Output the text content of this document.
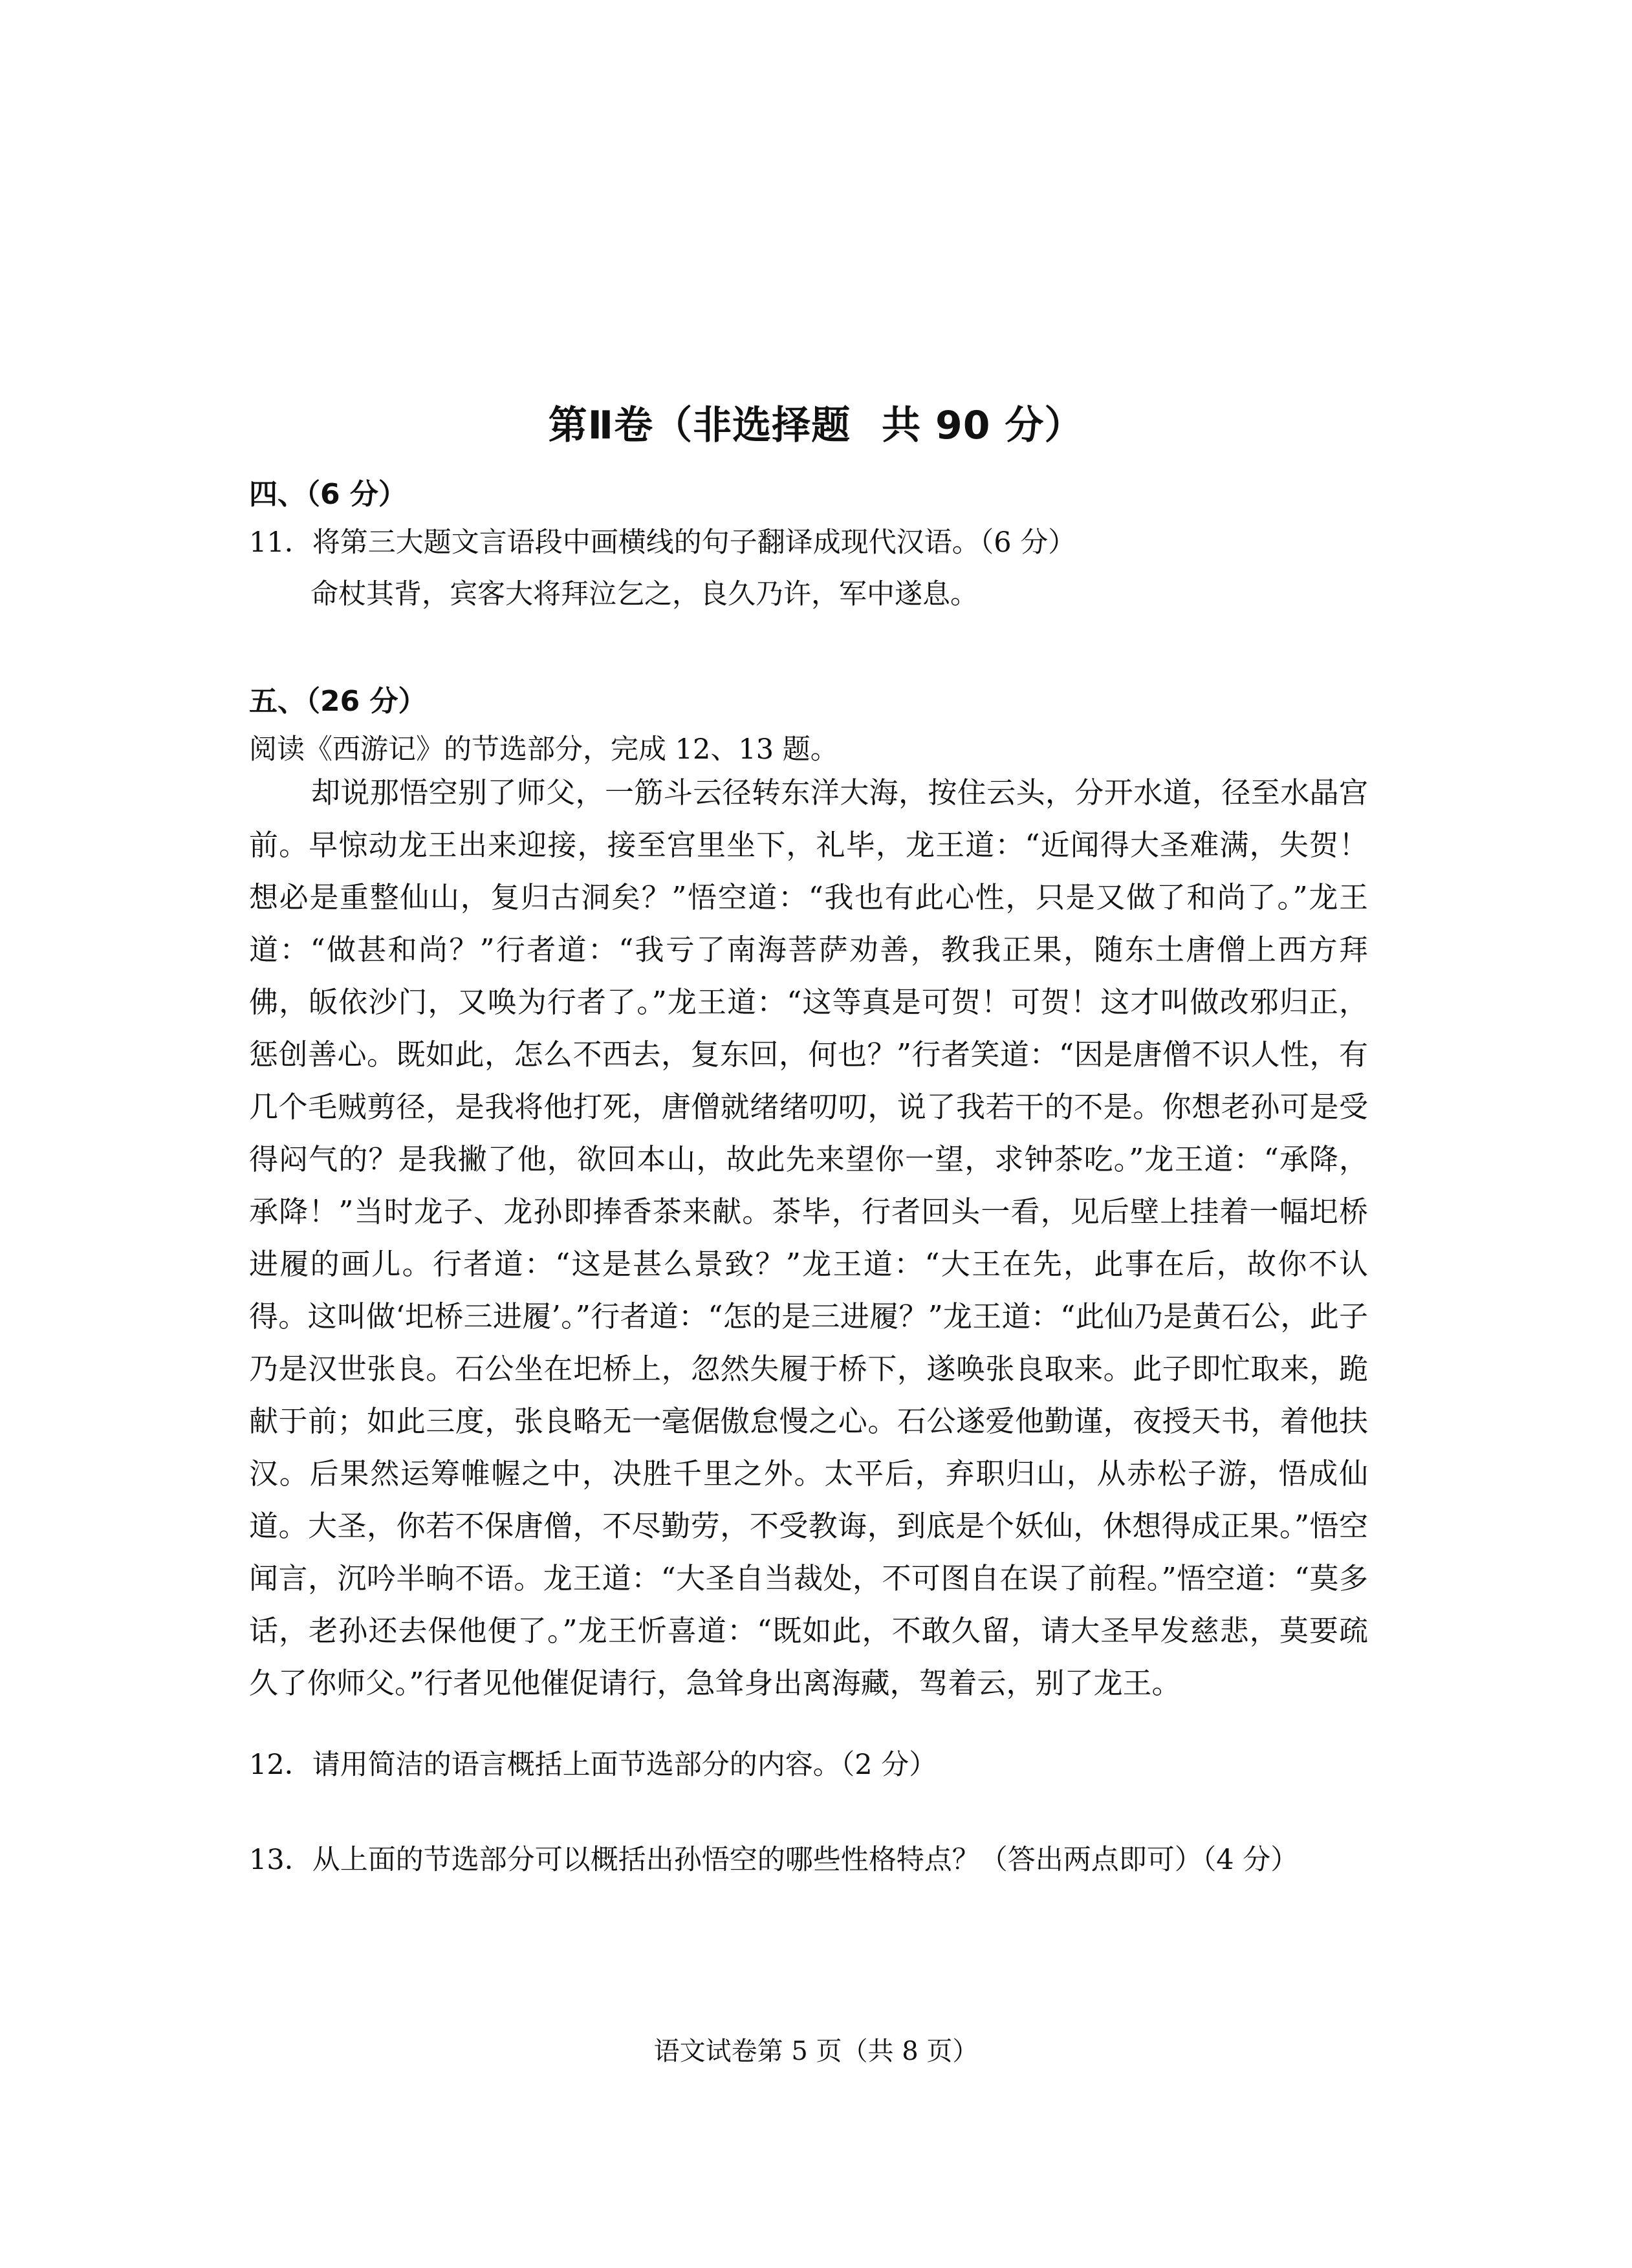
第Ⅱ卷（非选择题 共 90 分）
四、（6 分）
11．将第三大题文言语段中画横线的句子翻译成现代汉语。（6 分）
命杖其背，宾客大将拜泣乞之，良久乃许，军中遂息。
五、（26 分）
阅读《西游记》的节选部分，完成 12、13 题。
却说那悟空别了师父，一筋斗云径转东洋大海，按住云头，分开水道，径至水晶宫前。早惊动龙王出来迎接，接至宫里坐下，礼毕，龙王道：“近闻得大圣难满，失贺！想必是重整仙山，复归古洞矣？”悟空道：“我也有此心性，只是又做了和尚了。”龙王道：“做甚和尚？”行者道：“我亏了南海菩萨劝善，教我正果，随东土唐僧上西方拜佛，皈依沙门，又唤为行者了。”龙王道：“这等真是可贺！可贺！这才叫做改邪归正，惩创善心。既如此，怎么不西去，复东回，何也？”行者笑道：“因是唐僧不识人性，有几个毛贼剪径，是我将他打死，唐僧就绪绪叨叨，说了我若干的不是。你想老孙可是受得闷气的？是我撇了他，欲回本山，故此先来望你一望，求钟茶吃。”龙王道：“承降，承降！”当时龙子、龙孙即捧香茶来献。茶毕，行者回头一看，见后壁上挂着一幅圯桥进履的画儿。行者道：“这是甚么景致？”龙王道：“大王在先，此事在后，故你不认得。这叫做‘圯桥三进履’。”行者道：“怎的是三进履？”龙王道：“此仙乃是黄石公，此子乃是汉世张良。石公坐在圯桥上，忽然失履于桥下，遂唤张良取来。此子即忙取来，跪献于前；如此三度，张良略无一毫倨傲怠慢之心。石公遂爱他勤谨，夜授天书，着他扶汉。后果然运筹帷幄之中，决胜千里之外。太平后，弃职归山，从赤松子游，悟成仙道。大圣，你若不保唐僧，不尽勤劳，不受教诲，到底是个妖仙，休想得成正果。”悟空闻言，沉吟半晌不语。龙王道：“大圣自当裁处，不可图自在误了前程。”悟空道：“莫多话，老孙还去保他便了。”龙王忻喜道：“既如此，不敢久留，请大圣早发慈悲，莫要疏久了你师父。”行者见他催促请行，急耸身出离海藏，驾着云，别了龙王。
12．请用简洁的语言概括上面节选部分的内容。（2 分）
13．从上面的节选部分可以概括出孙悟空的哪些性格特点？（答出两点即可）（4 分）
语文试卷第 5 页（共 8 页）
